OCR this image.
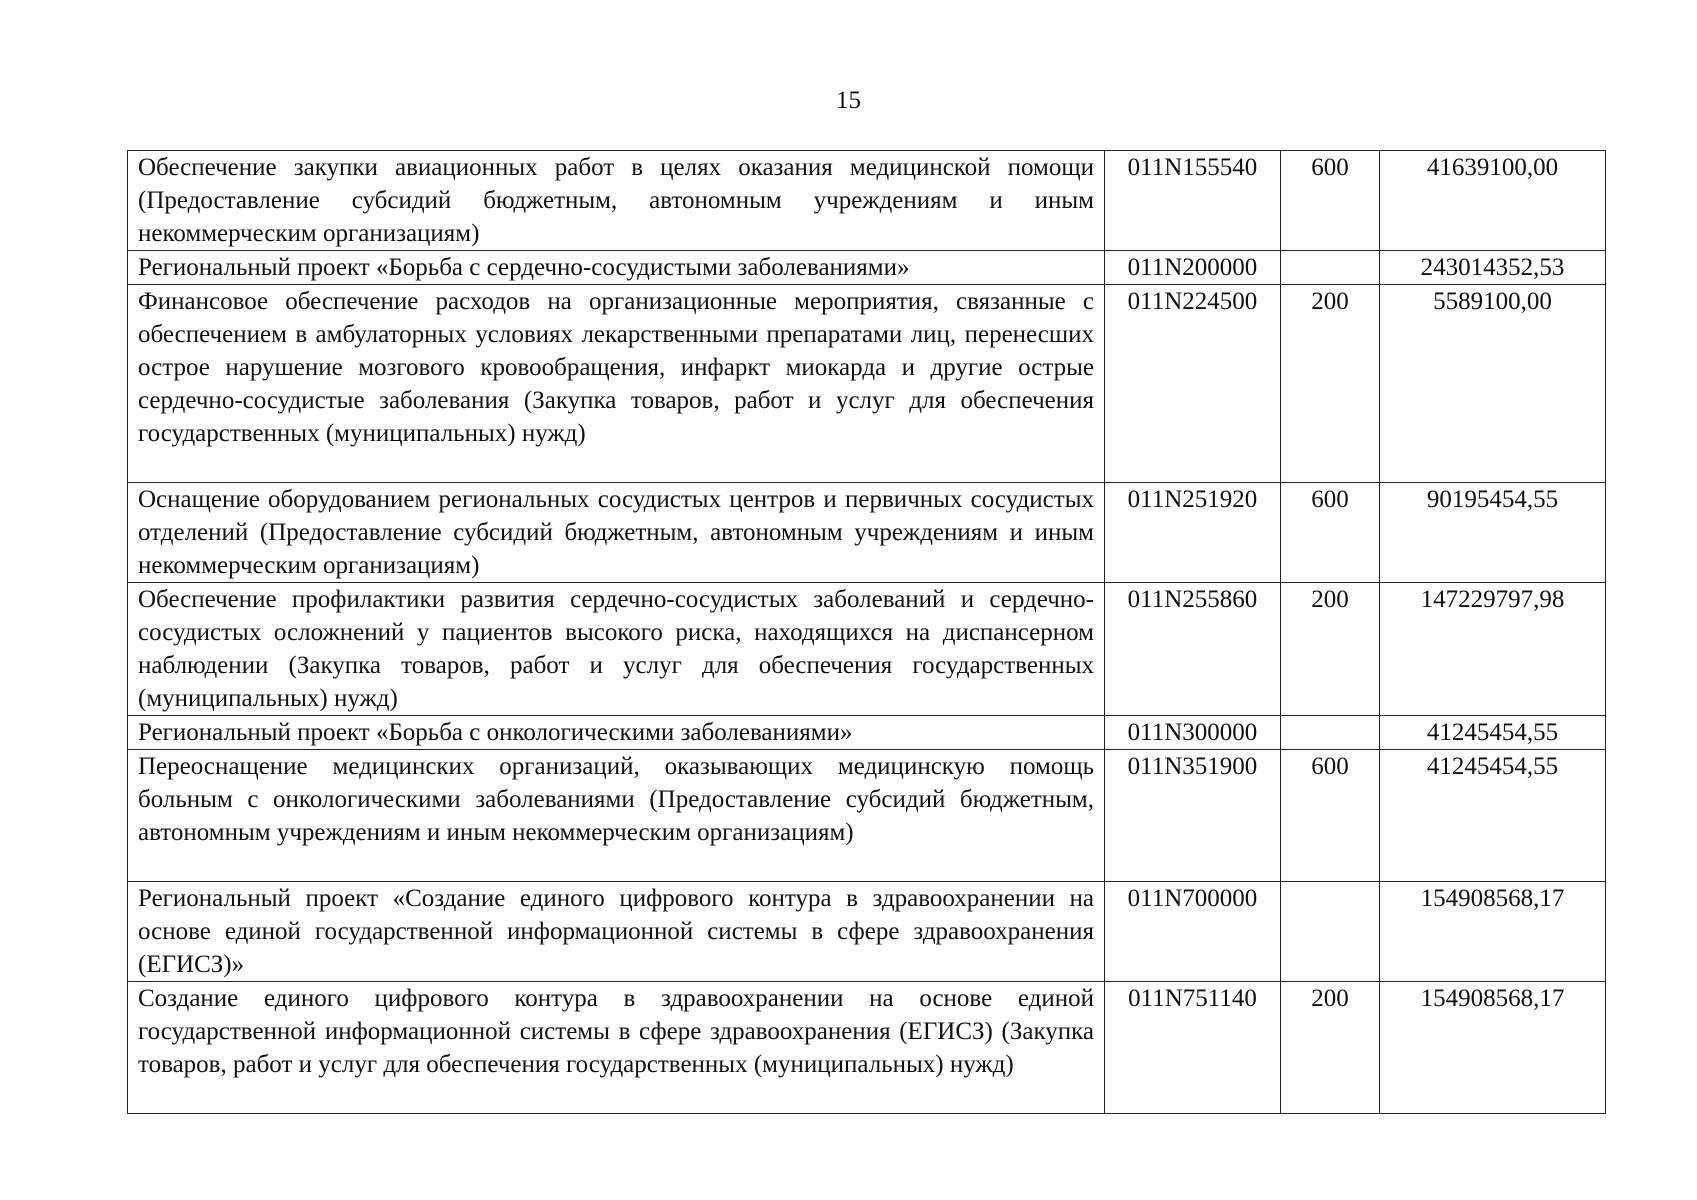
15
Обеспечение закупки авиационных работ в целях оказания медицинской помощи (Предоставление субсидий бюджетным, автономным учреждениям и иным некоммерческим организациям)	011N155540	600	41639100,00
Региональный проект «Борьба с сердечно-сосудистыми заболеваниями»	011N200000		243014352,53
Финансовое обеспечение расходов на организационные мероприятия, связанные с обеспечением в амбулаторных условиях лекарственными препаратами лиц, перенесших острое нарушение мозгового кровообращения, инфаркт миокарда и другие острые сердечно-сосудистые заболевания (Закупка товаров, работ и услуг для обеспечения государственных (муниципальных) нужд)	011N224500	200	5589100,00
Оснащение оборудованием региональных сосудистых центров и первичных сосудистых отделений (Предоставление субсидий бюджетным, автономным учреждениям и иным некоммерческим организациям)	011N251920	600	90195454,55
Обеспечение профилактики развития сердечно-сосудистых заболеваний и сердечно-сосудистых осложнений у пациентов высокого риска, находящихся на диспансерном наблюдении (Закупка товаров, работ и услуг для обеспечения государственных (муниципальных) нужд)	011N255860	200	147229797,98
Региональный проект «Борьба с онкологическими заболеваниями»	011N300000		41245454,55
Переоснащение медицинских организаций, оказывающих медицинскую помощь больным с онкологическими заболеваниями (Предоставление субсидий бюджетным, автономным учреждениям и иным некоммерческим организациям)	011N351900	600	41245454,55
Региональный проект «Создание единого цифрового контура в здравоохранении на основе единой государственной информационной системы в сфере здравоохранения (ЕГИСЗ)»	011N700000		154908568,17
Создание единого цифрового контура в здравоохранении на основе единой государственной информационной системы в сфере здравоохранения (ЕГИСЗ) (Закупка товаров, работ и услуг для обеспечения государственных (муниципальных) нужд)	011N751140	200	154908568,17
